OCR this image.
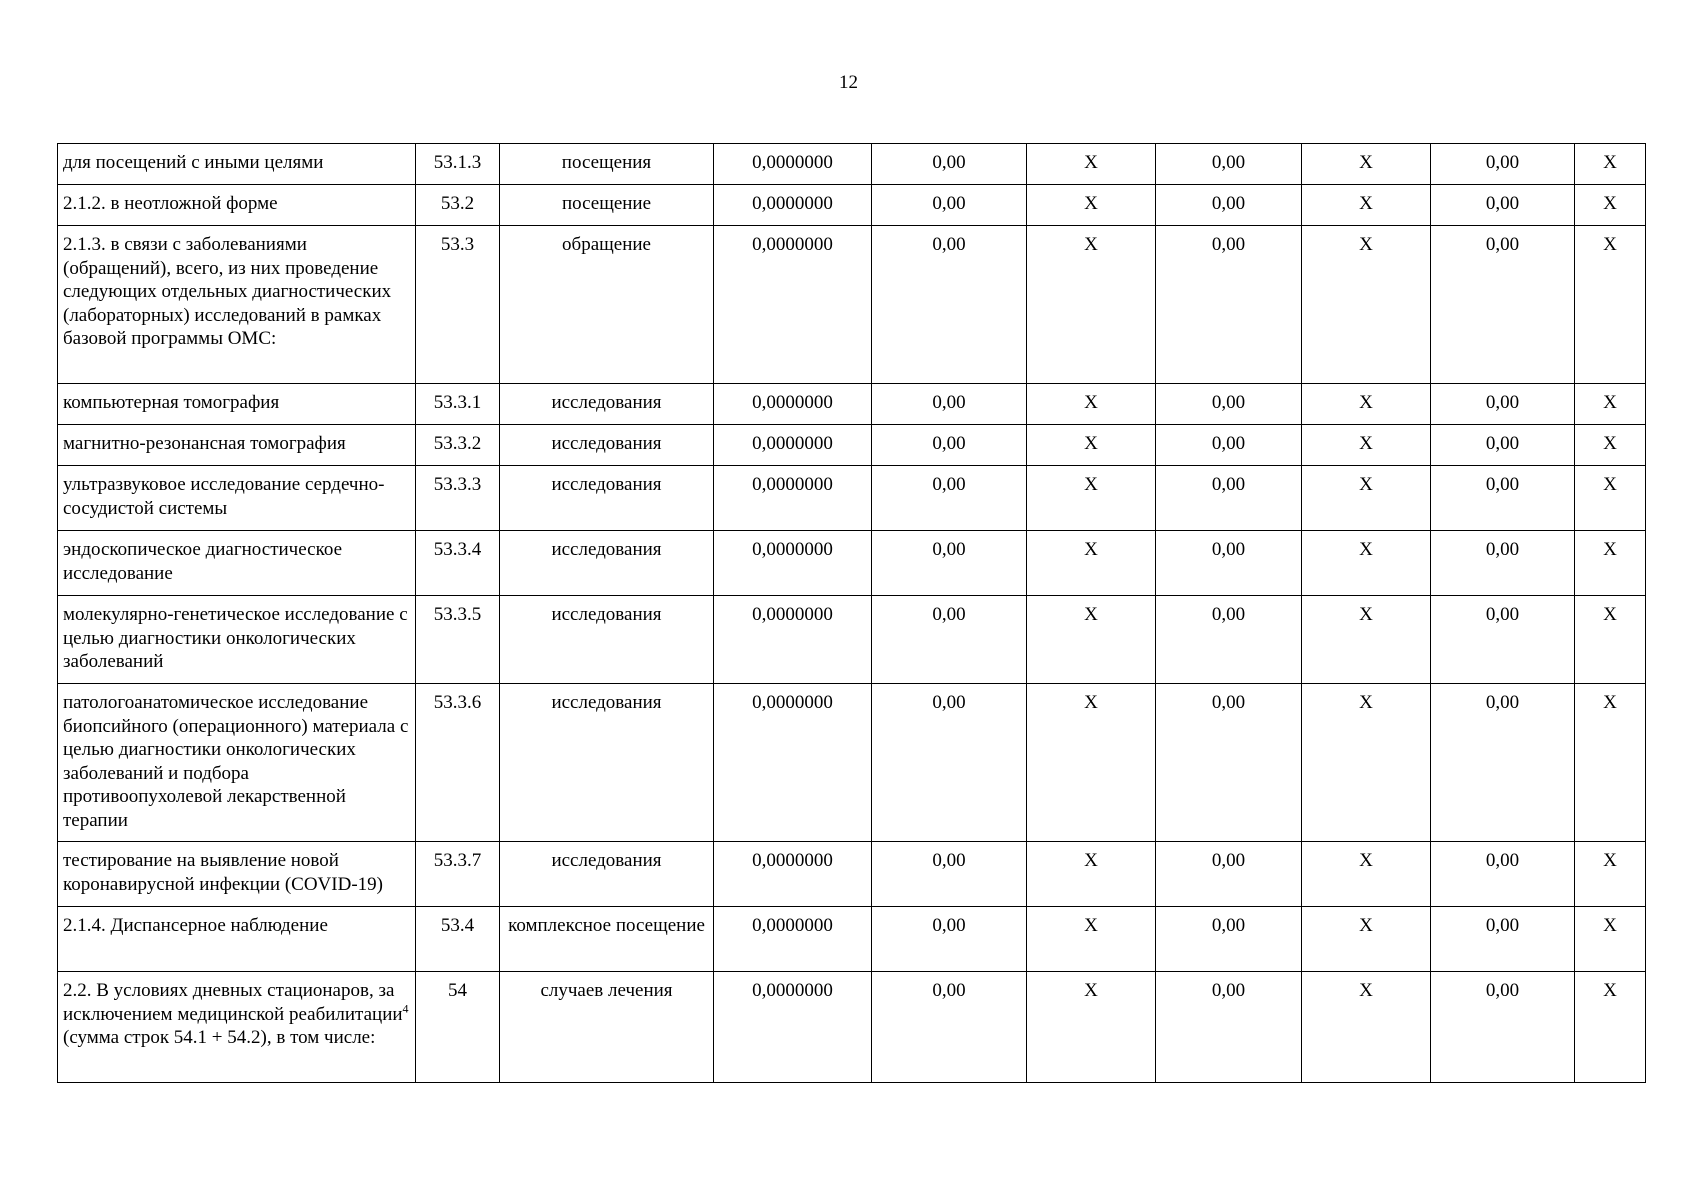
12
для посещений с иными целями	53.1.3	посещения	0,0000000	0,00	X	0,00	X	0,00	X
2.1.2. в неотложной форме	53.2	посещение	0,0000000	0,00	X	0,00	X	0,00	X
2.1.3. в связи с заболеваниями (обращений), всего, из них проведение следующих отдельных диагностических (лабораторных) исследований в рамках базовой программы ОМС:	53.3	обращение	0,0000000	0,00	X	0,00	X	0,00	X
компьютерная томография	53.3.1	исследования	0,0000000	0,00	X	0,00	X	0,00	X
магнитно-резонансная томография	53.3.2	исследования	0,0000000	0,00	X	0,00	X	0,00	X
ультразвуковое исследование сердечно-сосудистой системы	53.3.3	исследования	0,0000000	0,00	X	0,00	X	0,00	X
эндоскопическое диагностическое исследование	53.3.4	исследования	0,0000000	0,00	X	0,00	X	0,00	X
молекулярно-генетическое исследование с целью диагностики онкологических заболеваний	53.3.5	исследования	0,0000000	0,00	X	0,00	X	0,00	X
патологоанатомическое исследование биопсийного (операционного) материала с целью диагностики онкологических заболеваний и подбора противоопухолевой лекарственной терапии	53.3.6	исследования	0,0000000	0,00	X	0,00	X	0,00	X
тестирование на выявление новой коронавирусной инфекции (COVID-19)	53.3.7	исследования	0,0000000	0,00	X	0,00	X	0,00	X
2.1.4. Диспансерное наблюдение	53.4	комплексное посещение	0,0000000	0,00	X	0,00	X	0,00	X
2.2. В условиях дневных стационаров, за исключением медицинской реабилитации$^4$ (сумма строк 54.1 + 54.2), в том числе:	54	случаев лечения	0,0000000	0,00	X	0,00	X	0,00	X
